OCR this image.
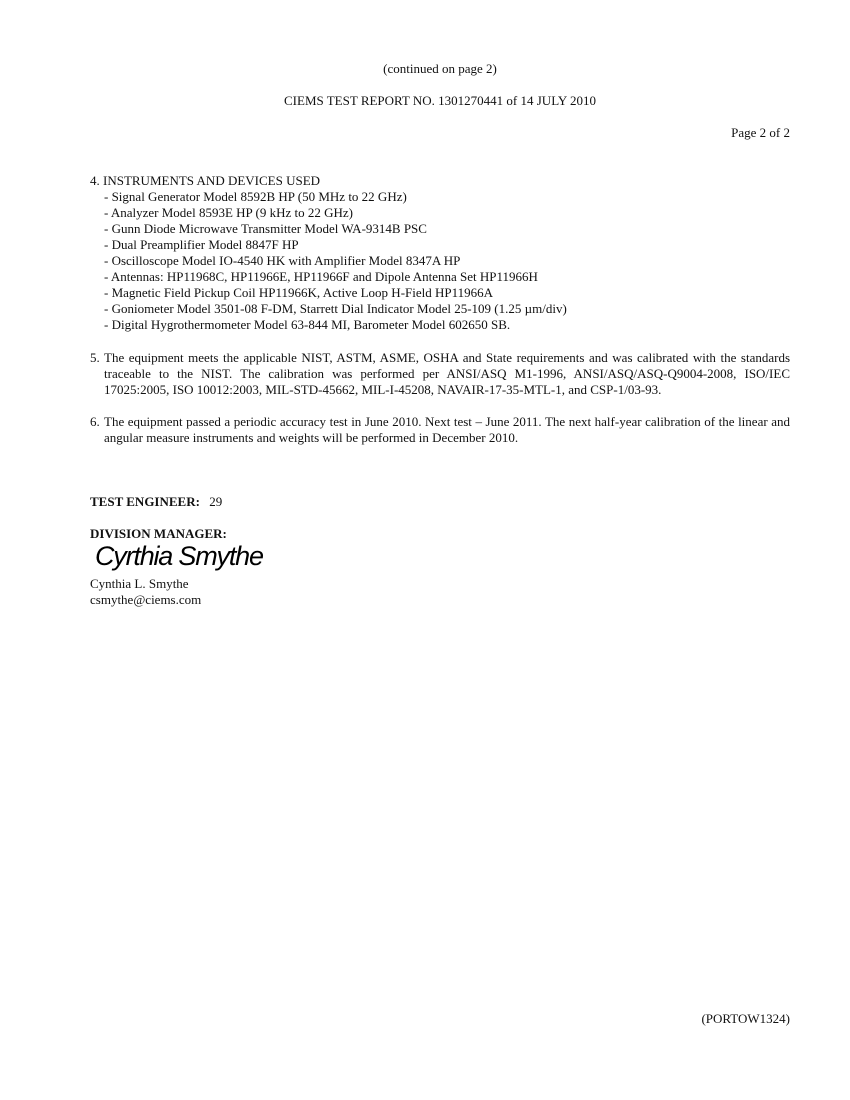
(continued on page 2)
CIEMS TEST REPORT NO. 1301270441 of 14 JULY 2010
Page 2 of 2
4. INSTRUMENTS AND DEVICES USED
- Signal Generator Model 8592B HP (50 MHz to 22 GHz)
- Analyzer Model 8593E HP (9 kHz to 22 GHz)
- Gunn Diode Microwave Transmitter Model WA-9314B PSC
- Dual Preamplifier Model 8847F HP
- Oscilloscope Model IO-4540 HK with Amplifier Model 8347A HP
- Antennas: HP11968C, HP11966E, HP11966F and Dipole Antenna Set HP11966H
- Magnetic Field Pickup Coil HP11966K, Active Loop H-Field HP11966A
- Goniometer Model 3501-08 F-DM, Starrett Dial Indicator Model 25-109 (1.25 µm/div)
- Digital Hygrothermometer Model 63-844 MI, Barometer Model 602650 SB.
5. The equipment meets the applicable NIST, ASTM, ASME, OSHA and State requirements and was calibrated with the standards traceable to the NIST. The calibration was performed per ANSI/ASQ M1-1996, ANSI/ASQ/ASQ-Q9004-2008, ISO/IEC 17025:2005, ISO 10012:2003, MIL-STD-45662, MIL-I-45208, NAVAIR-17-35-MTL-1, and CSP-1/03-93.
6. The equipment passed a periodic accuracy test in June 2010. Next test – June 2011. The next half-year calibration of the linear and angular measure instruments and weights will be performed in December 2010.
TEST ENGINEER: 29
DIVISION MANAGER:
Cyrthia Smythe
Cynthia L. Smythe
csmythe@ciems.com
(PORTOW1324)
